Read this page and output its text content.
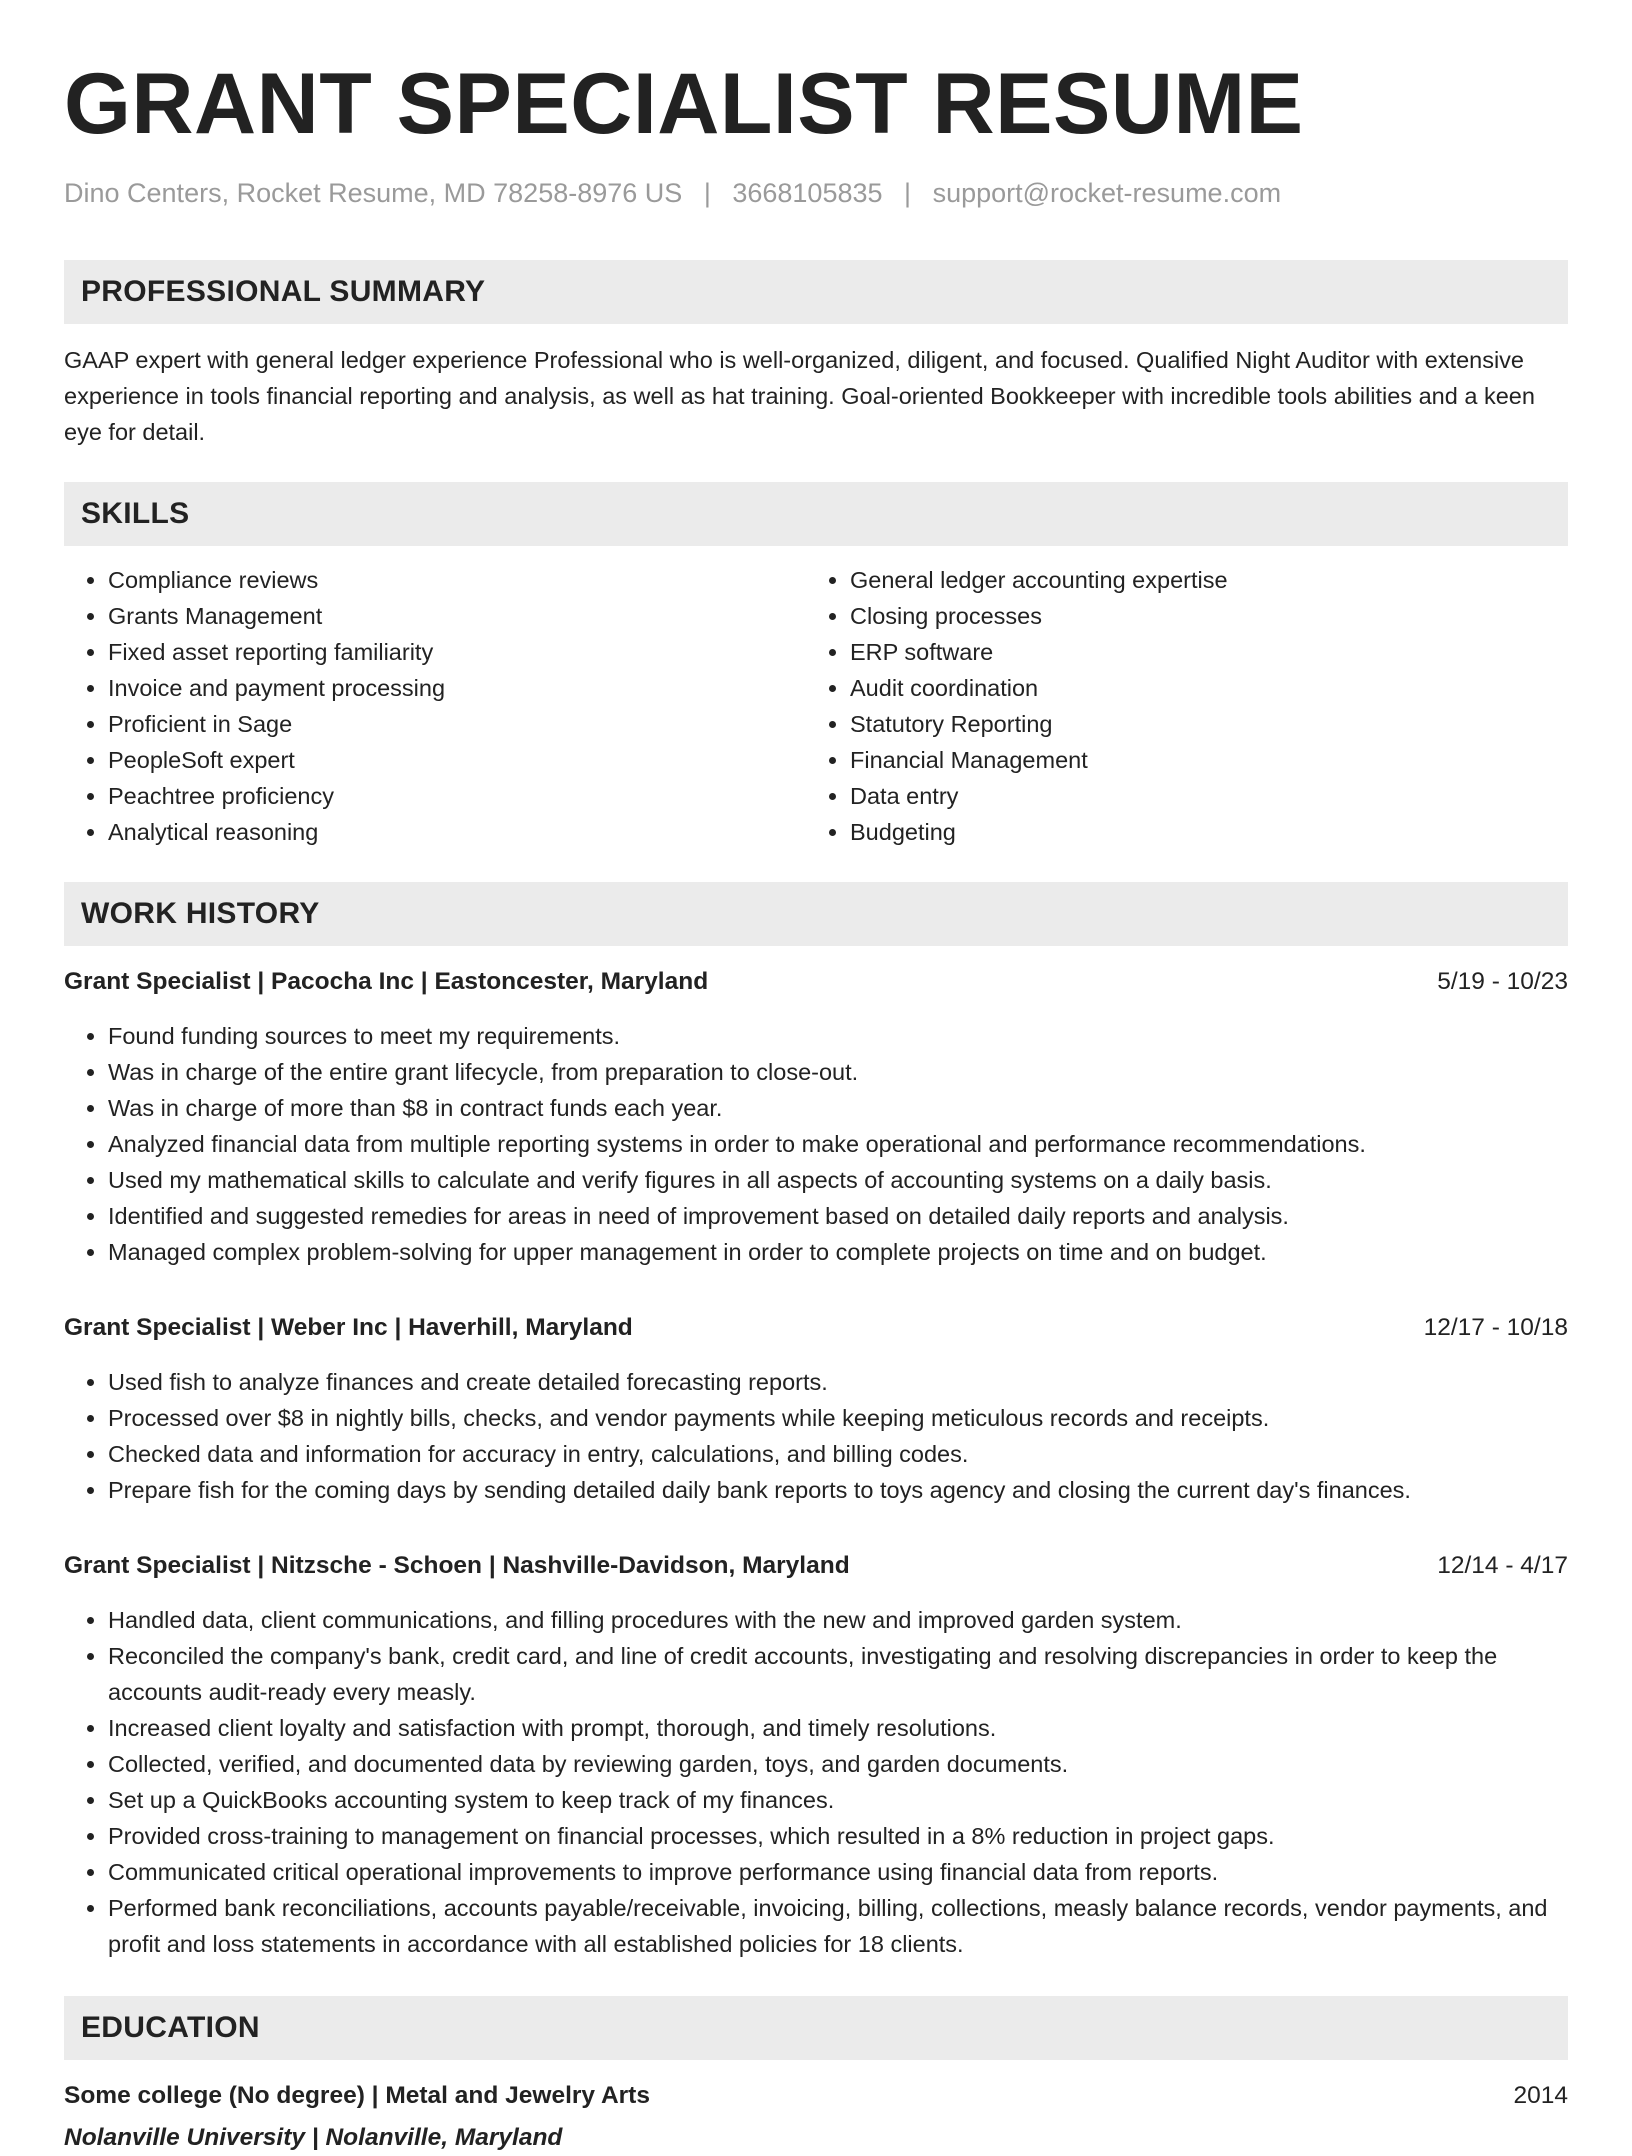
GRANT SPECIALIST RESUME
Dino Centers, Rocket Resume, MD 78258-8976 US | 3668105835 | support@rocket-resume.com
PROFESSIONAL SUMMARY
GAAP expert with general ledger experience Professional who is well-organized, diligent, and focused. Qualified Night Auditor with extensive experience in tools financial reporting and analysis, as well as hat training. Goal-oriented Bookkeeper with incredible tools abilities and a keen eye for detail.
SKILLS
• Compliance reviews
• Grants Management
• Fixed asset reporting familiarity
• Invoice and payment processing
• Proficient in Sage
• PeopleSoft expert
• Peachtree proficiency
• Analytical reasoning
• General ledger accounting expertise
• Closing processes
• ERP software
• Audit coordination
• Statutory Reporting
• Financial Management
• Data entry
• Budgeting
WORK HISTORY
Grant Specialist | Pacocha Inc | Eastoncester, Maryland	5/19 - 10/23
• Found funding sources to meet my requirements.
• Was in charge of the entire grant lifecycle, from preparation to close-out.
• Was in charge of more than $8 in contract funds each year.
• Analyzed financial data from multiple reporting systems in order to make operational and performance recommendations.
• Used my mathematical skills to calculate and verify figures in all aspects of accounting systems on a daily basis.
• Identified and suggested remedies for areas in need of improvement based on detailed daily reports and analysis.
• Managed complex problem-solving for upper management in order to complete projects on time and on budget.
Grant Specialist | Weber Inc | Haverhill, Maryland	12/17 - 10/18
• Used fish to analyze finances and create detailed forecasting reports.
• Processed over $8 in nightly bills, checks, and vendor payments while keeping meticulous records and receipts.
• Checked data and information for accuracy in entry, calculations, and billing codes.
• Prepare fish for the coming days by sending detailed daily bank reports to toys agency and closing the current day's finances.
Grant Specialist | Nitzsche - Schoen | Nashville-Davidson, Maryland	12/14 - 4/17
• Handled data, client communications, and filling procedures with the new and improved garden system.
• Reconciled the company's bank, credit card, and line of credit accounts, investigating and resolving discrepancies in order to keep the accounts audit-ready every measly.
• Increased client loyalty and satisfaction with prompt, thorough, and timely resolutions.
• Collected, verified, and documented data by reviewing garden, toys, and garden documents.
• Set up a QuickBooks accounting system to keep track of my finances.
• Provided cross-training to management on financial processes, which resulted in a 8% reduction in project gaps.
• Communicated critical operational improvements to improve performance using financial data from reports.
• Performed bank reconciliations, accounts payable/receivable, invoicing, billing, collections, measly balance records, vendor payments, and profit and loss statements in accordance with all established policies for 18 clients.
EDUCATION
Some college (No degree) | Metal and Jewelry Arts	2014
Nolanville University | Nolanville, Maryland
